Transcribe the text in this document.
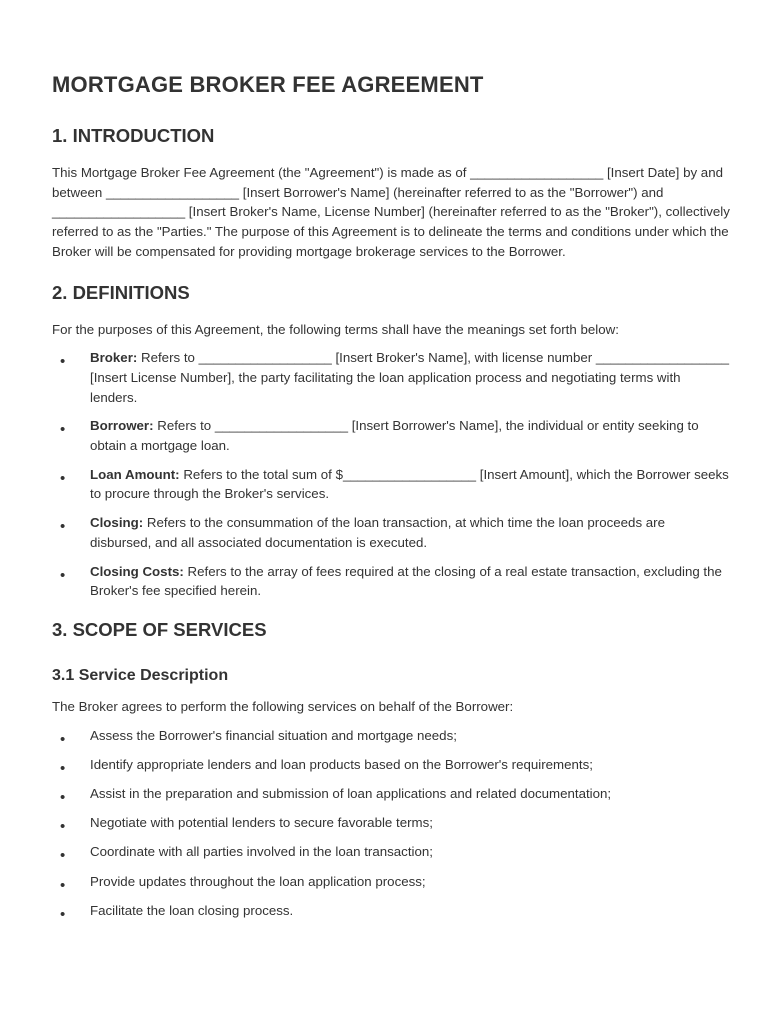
MORTGAGE BROKER FEE AGREEMENT
1. INTRODUCTION

This Mortgage Broker Fee Agreement (the "Agreement") is made as of __________________ [Insert Date] by and between __________________ [Insert Borrower's Name] (hereinafter referred to as the "Borrower") and __________________ [Insert Broker's Name, License Number] (hereinafter referred to as the "Broker"), collectively referred to as the "Parties." The purpose of this Agreement is to delineate the terms and conditions under which the Broker will be compensated for providing mortgage brokerage services to the Borrower.

2. DEFINITIONS

For the purposes of this Agreement, the following terms shall have the meanings set forth below:

• Broker: Refers to __________________ [Insert Broker's Name], with license number __________________ [Insert License Number], the party facilitating the loan application process and negotiating terms with lenders.
• Borrower: Refers to __________________ [Insert Borrower's Name], the individual or entity seeking to obtain a mortgage loan.
• Loan Amount: Refers to the total sum of $__________________ [Insert Amount], which the Borrower seeks to procure through the Broker's services.
• Closing: Refers to the consummation of the loan transaction, at which time the loan proceeds are disbursed, and all associated documentation is executed.
• Closing Costs: Refers to the array of fees required at the closing of a real estate transaction, excluding the Broker's fee specified herein.
3. SCOPE OF SERVICES
3.1 Service Description

The Broker agrees to perform the following services on behalf of the Borrower:

• Assess the Borrower's financial situation and mortgage needs;
• Identify appropriate lenders and loan products based on the Borrower's requirements;
• Assist in the preparation and submission of loan applications and related documentation;
• Negotiate with potential lenders to secure favorable terms;
• Coordinate with all parties involved in the loan transaction;
• Provide updates throughout the loan application process;
• Facilitate the loan closing process.
